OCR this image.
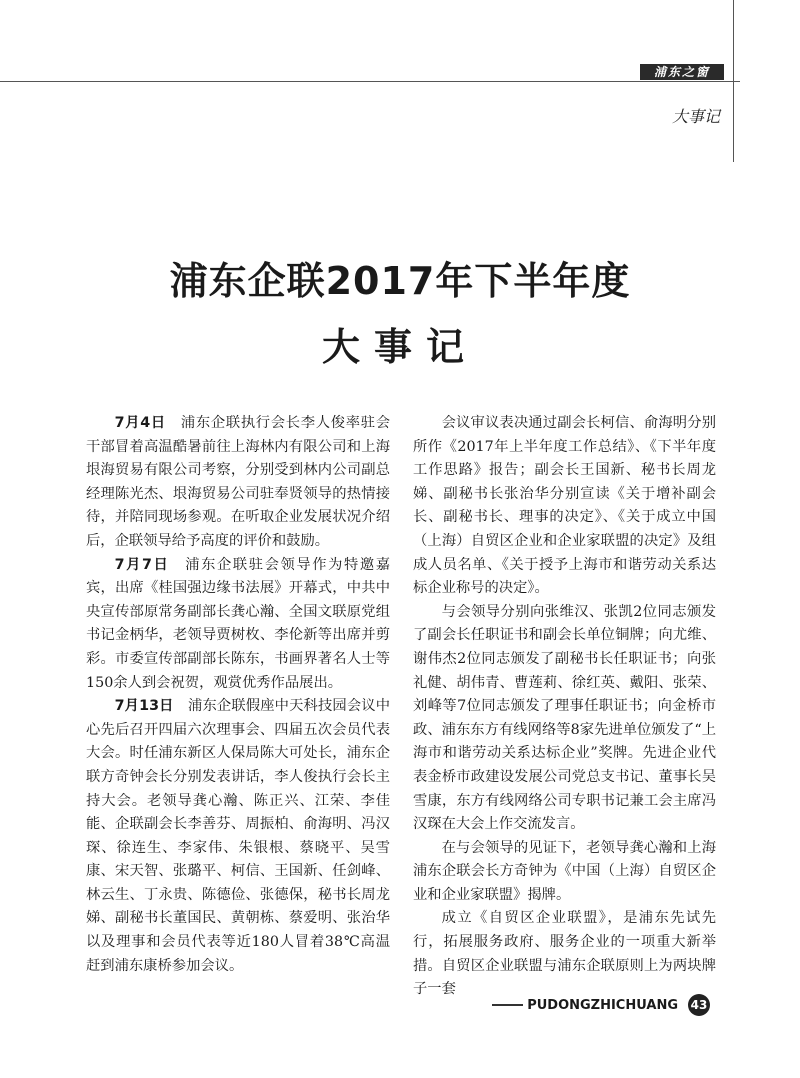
浦东之窗
大事记
浦东企联2017年下半年度
大事记

7月4日　 浦东企联执行会长李人俊率驻会干部冒着高温酷暑前往上海林内有限公司和上海垠海贸易有限公司考察，分别受到林内公司副总经理陈光杰、垠海贸易公司驻奉贤领导的热情接待，并陪同现场参观。在听取企业发展状况介绍后，企联领导给予高度的评价和鼓励。

7月7日　 浦东企联驻会领导作为特邀嘉宾，出席《桂国强边缘书法展》开幕式，中共中央宣传部原常务副部长龚心瀚、全国文联原党组书记金柄华，老领导贾树枚、李伦新等出席并剪彩。市委宣传部副部长陈东，书画界著名人士等150余人到会祝贺，观赏优秀作品展出。

7月13日　 浦东企联假座中天科技园会议中心先后召开四届六次理事会、四届五次会员代表大会。时任浦东新区人保局陈大可处长，浦东企联方奇钟会长分别发表讲话，李人俊执行会长主持大会。老领导龚心瀚、陈正兴、江荣、李佳能、企联副会长李善芬、周振柏、俞海明、冯汉琛、徐连生、李家伟、朱银根、蔡晓平、吴雪康、宋天智、张璐平、柯信、王国新、任剑峰、林云生、丁永贵、陈德俭、张德保，秘书长周龙娣、副秘书长董国民、黄朝栋、蔡爱明、张治华以及理事和会员代表等近180人冒着38℃高温赶到浦东康桥参加会议。

会议审议表决通过副会长柯信、俞海明分别所作《2017年上半年度工作总结》、《下半年度工作思路》报告；副会长王国新、秘书长周龙娣、副秘书长张治华分别宣读《关于增补副会长、副秘书长、理事的决定》、《关于成立中国（上海）自贸区企业和企业家联盟的决定》及组成人员名单、《关于授予上海市和谐劳动关系达标企业称号的决定》。

与会领导分别向张维汉、张凯2位同志颁发了副会长任职证书和副会长单位铜牌；向尤维、谢伟杰2位同志颁发了副秘书长任职证书；向张礼健、胡伟青、曹莲莉、徐红英、戴阳、张荣、刘峰等7位同志颁发了理事任职证书；向金桥市政、浦东东方有线网络等8家先进单位颁发了“上海市和谐劳动关系达标企业”奖牌。先进企业代表金桥市政建设发展公司党总支书记、董事长吴雪康，东方有线网络公司专职书记兼工会主席冯汉琛在大会上作交流发言。

在与会领导的见证下，老领导龚心瀚和上海浦东企联会长方奇钟为《中国（上海）自贸区企业和企业家联盟》揭牌。

成立《自贸区企业联盟》，是浦东先试先行，拓展服务政府、服务企业的一项重大新举措。自贸区企业联盟与浦东企联原则上为两块牌子一套

PUDONGZHICHUANG	43
